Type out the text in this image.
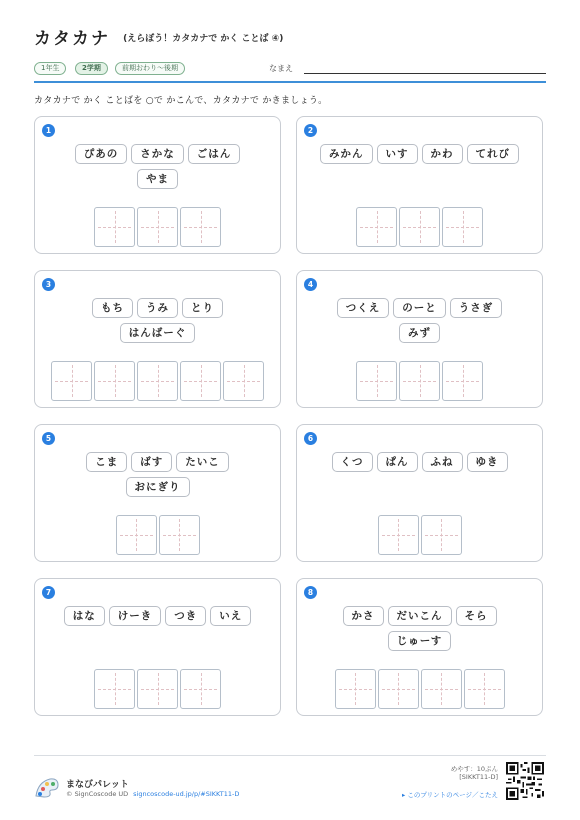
カタカナ (えらぼう！カタカナで かく ことば ④)
1年生	2学期	前期おわり〜後期	なまえ
カタカナで かく ことばを ○で かこんで、カタカナで かきましょう。
1
ぴあの	さかな	ごはん
やま
2
みかん	いす	かわ	てれび
3
もち	うみ	とり
はんばーぐ
4
つくえ	のーと	うさぎ
みず
5
こま	ばす	たいこ
おにぎり
6
くつ	ぱん	ふね	ゆき
7
はな	けーき	つき	いえ
8
かさ	だいこん	そら
じゅーす
まなびパレット
© SignCoscode UD signcoscode-ud.jp/p/#SIKKT11-D
めやす：10ぷん
[SIKKT11-D]
▸ このプリントのページ／こたえ
